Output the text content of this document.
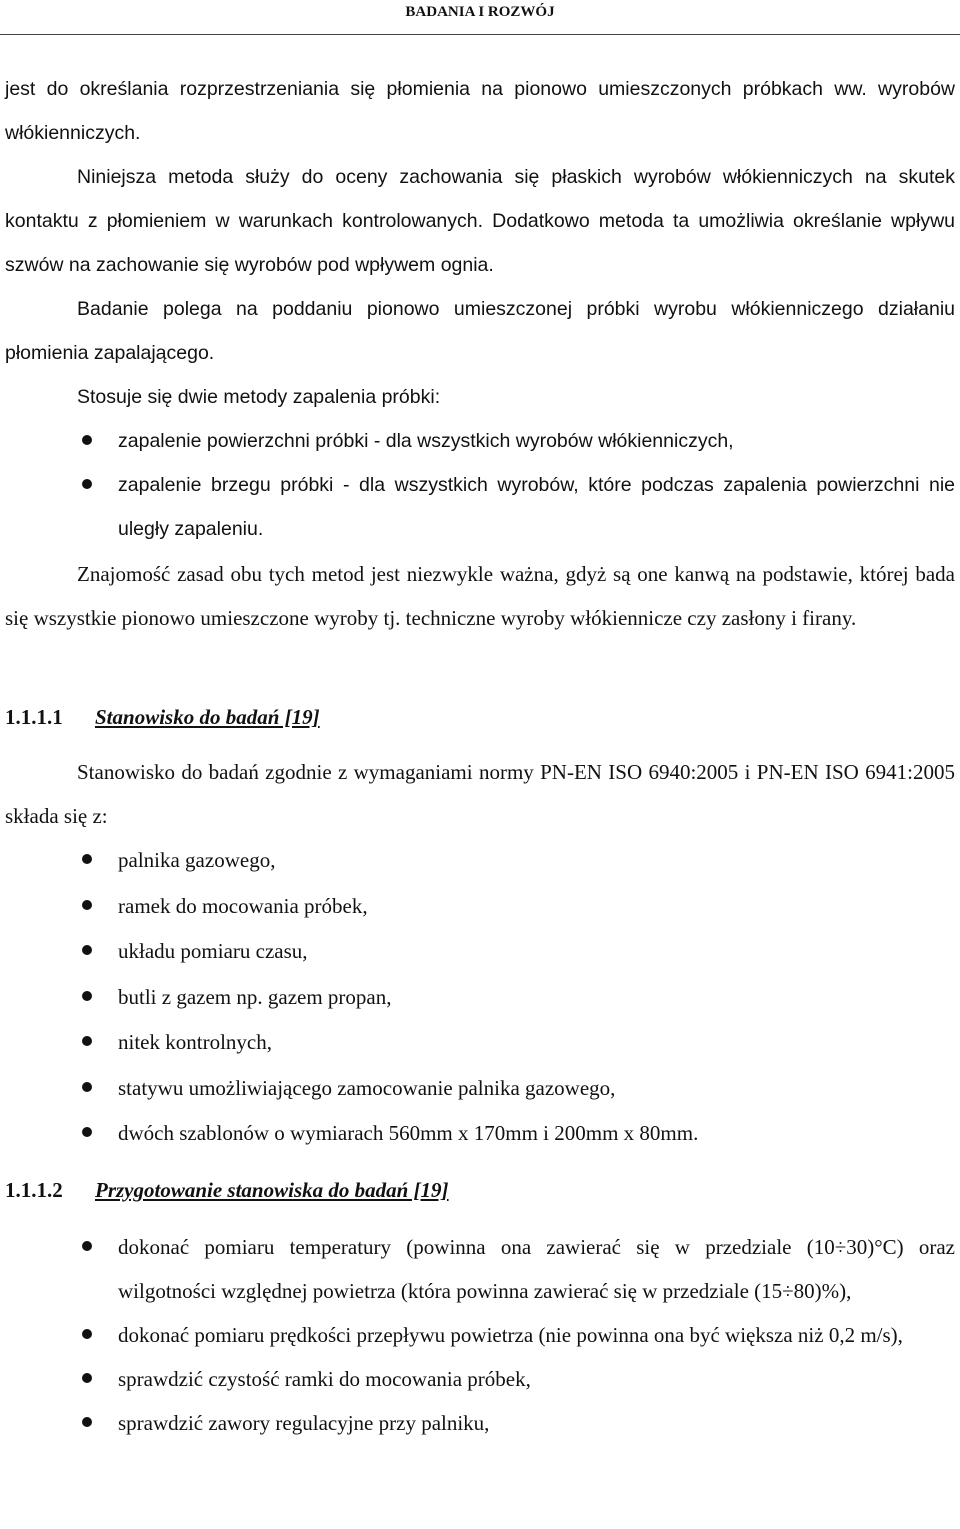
BADANIA I ROZWÓJ
jest do określania rozprzestrzeniania się płomienia na pionowo umieszczonych próbkach ww. wyrobów włókienniczych.
Niniejsza metoda służy do oceny zachowania się płaskich wyrobów włókienniczych na skutek kontaktu z płomieniem w warunkach kontrolowanych. Dodatkowo metoda ta umożliwia określanie wpływu szwów na zachowanie się wyrobów pod wpływem ognia.
Badanie polega na poddaniu pionowo umieszczonej próbki wyrobu włókienniczego działaniu płomienia zapalającego.
Stosuje się dwie metody zapalenia próbki:
zapalenie powierzchni próbki - dla wszystkich wyrobów włókienniczych,
zapalenie brzegu próbki - dla wszystkich wyrobów, które podczas zapalenia powierzchni nie uległy zapaleniu.
Znajomość zasad obu tych metod jest niezwykle ważna, gdyż są one kanwą na podstawie, której bada się wszystkie pionowo umieszczone wyroby tj. techniczne wyroby włókiennicze czy zasłony i firany.
1.1.1.1 Stanowisko do badań [19]
Stanowisko do badań zgodnie z wymaganiami normy PN-EN ISO 6940:2005 i PN-EN ISO 6941:2005 składa się z:
palnika gazowego,
ramek do mocowania próbek,
układu pomiaru czasu,
butli z gazem np. gazem propan,
nitek kontrolnych,
statywu umożliwiającego zamocowanie palnika gazowego,
dwóch szablonów o wymiarach 560mm x 170mm i 200mm x 80mm.
1.1.1.2 Przygotowanie stanowiska do badań [19]
dokonać pomiaru temperatury (powinna ona zawierać się w przedziale (10÷30)°C) oraz wilgotności względnej powietrza (która powinna zawierać się w przedziale (15÷80)%),
dokonać pomiaru prędkości przepływu powietrza (nie powinna ona być większa niż 0,2 m/s),
sprawdzić czystość ramki do mocowania próbek,
sprawdzić zawory regulacyjne przy palniku,
